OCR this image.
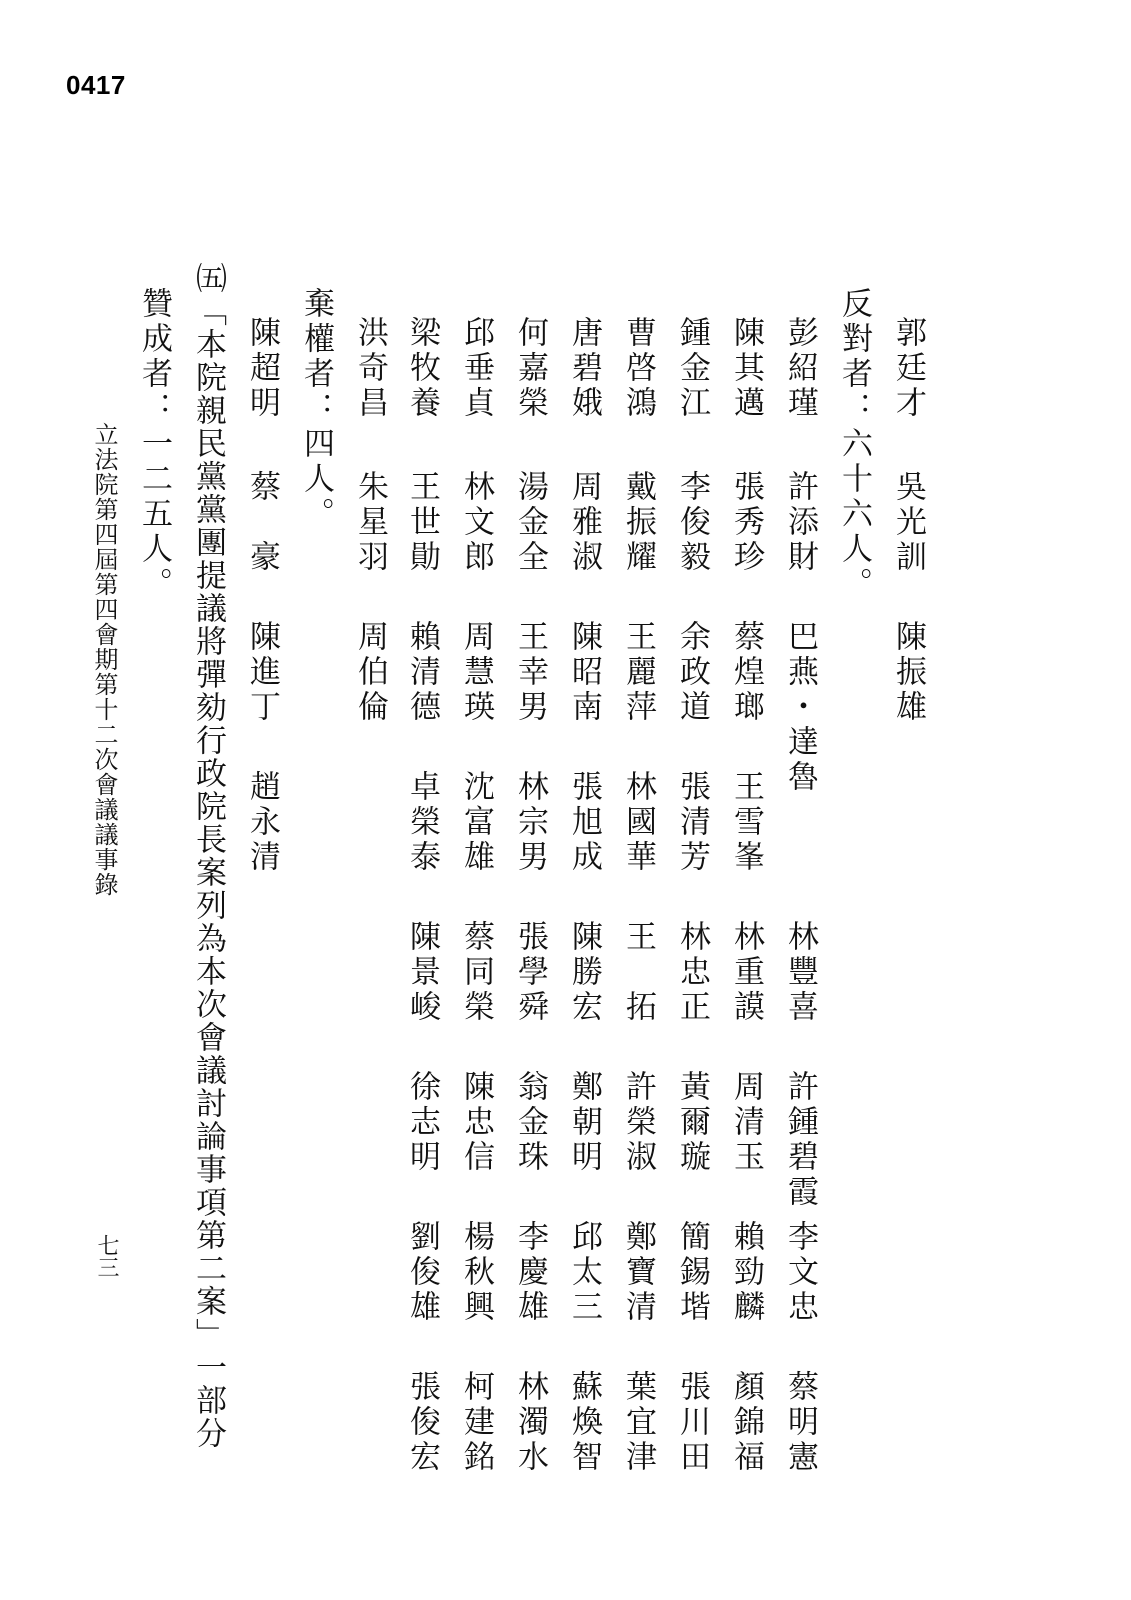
0417
郭廷才
吳光訓
陳振雄
反對者：六十六人。
彭紹瑾
許添財
巴燕・達魯
林豐喜
許鍾碧霞
李文忠
蔡明憲
陳其邁
張秀珍
蔡煌瑯
王雪峯
林重謨
周清玉
賴勁麟
顏錦福
鍾金江
李俊毅
余政道
張清芳
林忠正
黃爾璇
簡錫堦
張川田
曹啓鴻
戴振耀
王麗萍
林國華
王　拓
許榮淑
鄭寶清
葉宜津
唐碧娥
周雅淑
陳昭南
張旭成
陳勝宏
鄭朝明
邱太三
蘇煥智
何嘉榮
湯金全
王幸男
林宗男
張學舜
翁金珠
李慶雄
林濁水
邱垂貞
林文郎
周慧瑛
沈富雄
蔡同榮
陳忠信
楊秋興
柯建銘
梁牧養
王世勛
賴清德
卓榮泰
陳景峻
徐志明
劉俊雄
張俊宏
洪奇昌
朱星羽
周伯倫
棄權者：四人。
陳超明
蔡　豪
陳進丁
趙永清
㈤「本院親民黨黨團提議將彈劾行政院長案列為本次會議討論事項第二案」一部分
贊成者：一二五人。
立法院第四屆第四會期第十二次會議議事錄
七三
